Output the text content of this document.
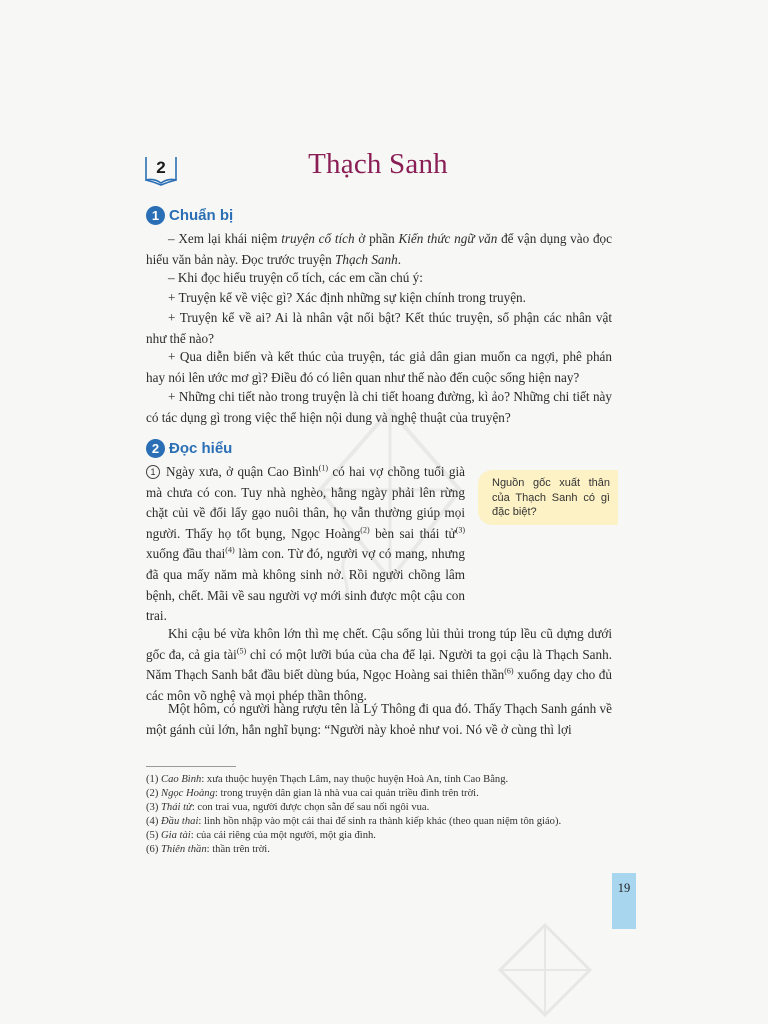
2	Thạch Sanh
1 Chuẩn bị
– Xem lại khái niệm truyện cổ tích ở phần Kiến thức ngữ văn để vận dụng vào đọc hiểu văn bản này. Đọc trước truyện Thạch Sanh.
– Khi đọc hiểu truyện cổ tích, các em cần chú ý:
+ Truyện kể về việc gì? Xác định những sự kiện chính trong truyện.
+ Truyện kể về ai? Ai là nhân vật nổi bật? Kết thúc truyện, số phận các nhân vật như thế nào?
+ Qua diễn biến và kết thúc của truyện, tác giả dân gian muốn ca ngợi, phê phán hay nói lên ước mơ gì? Điều đó có liên quan như thế nào đến cuộc sống hiện nay?
+ Những chi tiết nào trong truyện là chi tiết hoang đường, kì ảo? Những chi tiết này có tác dụng gì trong việc thể hiện nội dung và nghệ thuật của truyện?
2 Đọc hiểu
1 Ngày xưa, ở quận Cao Bình$^{(1)}$ có hai vợ chồng tuổi già mà chưa có con. Tuy nhà nghèo, hằng ngày phải lên rừng chặt củi về đổi lấy gạo nuôi thân, họ vẫn thường giúp mọi người. Thấy họ tốt bụng, Ngọc Hoàng$^{(2)}$ bèn sai thái tử$^{(3)}$ xuống đầu thai$^{(4)}$ làm con. Từ đó, người vợ có mang, nhưng đã qua mấy năm mà không sinh nở. Rồi người chồng lâm bệnh, chết. Mãi về sau người vợ mới sinh được một cậu con trai.
Nguồn gốc xuất thân của Thạch Sanh có gì đặc biệt?
Khi cậu bé vừa khôn lớn thì mẹ chết. Cậu sống lủi thủi trong túp lều cũ dựng dưới gốc đa, cả gia tài$^{(5)}$ chỉ có một lưỡi búa của cha để lại. Người ta gọi cậu là Thạch Sanh. Năm Thạch Sanh bắt đầu biết dùng búa, Ngọc Hoàng sai thiên thần$^{(6)}$ xuống dạy cho đủ các môn võ nghệ và mọi phép thần thông.
Một hôm, có người hàng rượu tên là Lý Thông đi qua đó. Thấy Thạch Sanh gánh về một gánh củi lớn, hắn nghĩ bụng: “Người này khoẻ như voi. Nó về ở cùng thì lợi
(1) Cao Bình: xưa thuộc huyện Thạch Lâm, nay thuộc huyện Hoà An, tỉnh Cao Bằng.
(2) Ngọc Hoàng: trong truyện dân gian là nhà vua cai quản triều đình trên trời.
(3) Thái tử: con trai vua, người được chọn sẵn để sau nối ngôi vua.
(4) Đầu thai: linh hồn nhập vào một cái thai để sinh ra thành kiếp khác (theo quan niệm tôn giáo).
(5) Gia tài: của cải riêng của một người, một gia đình.
(6) Thiên thần: thần trên trời.
19
